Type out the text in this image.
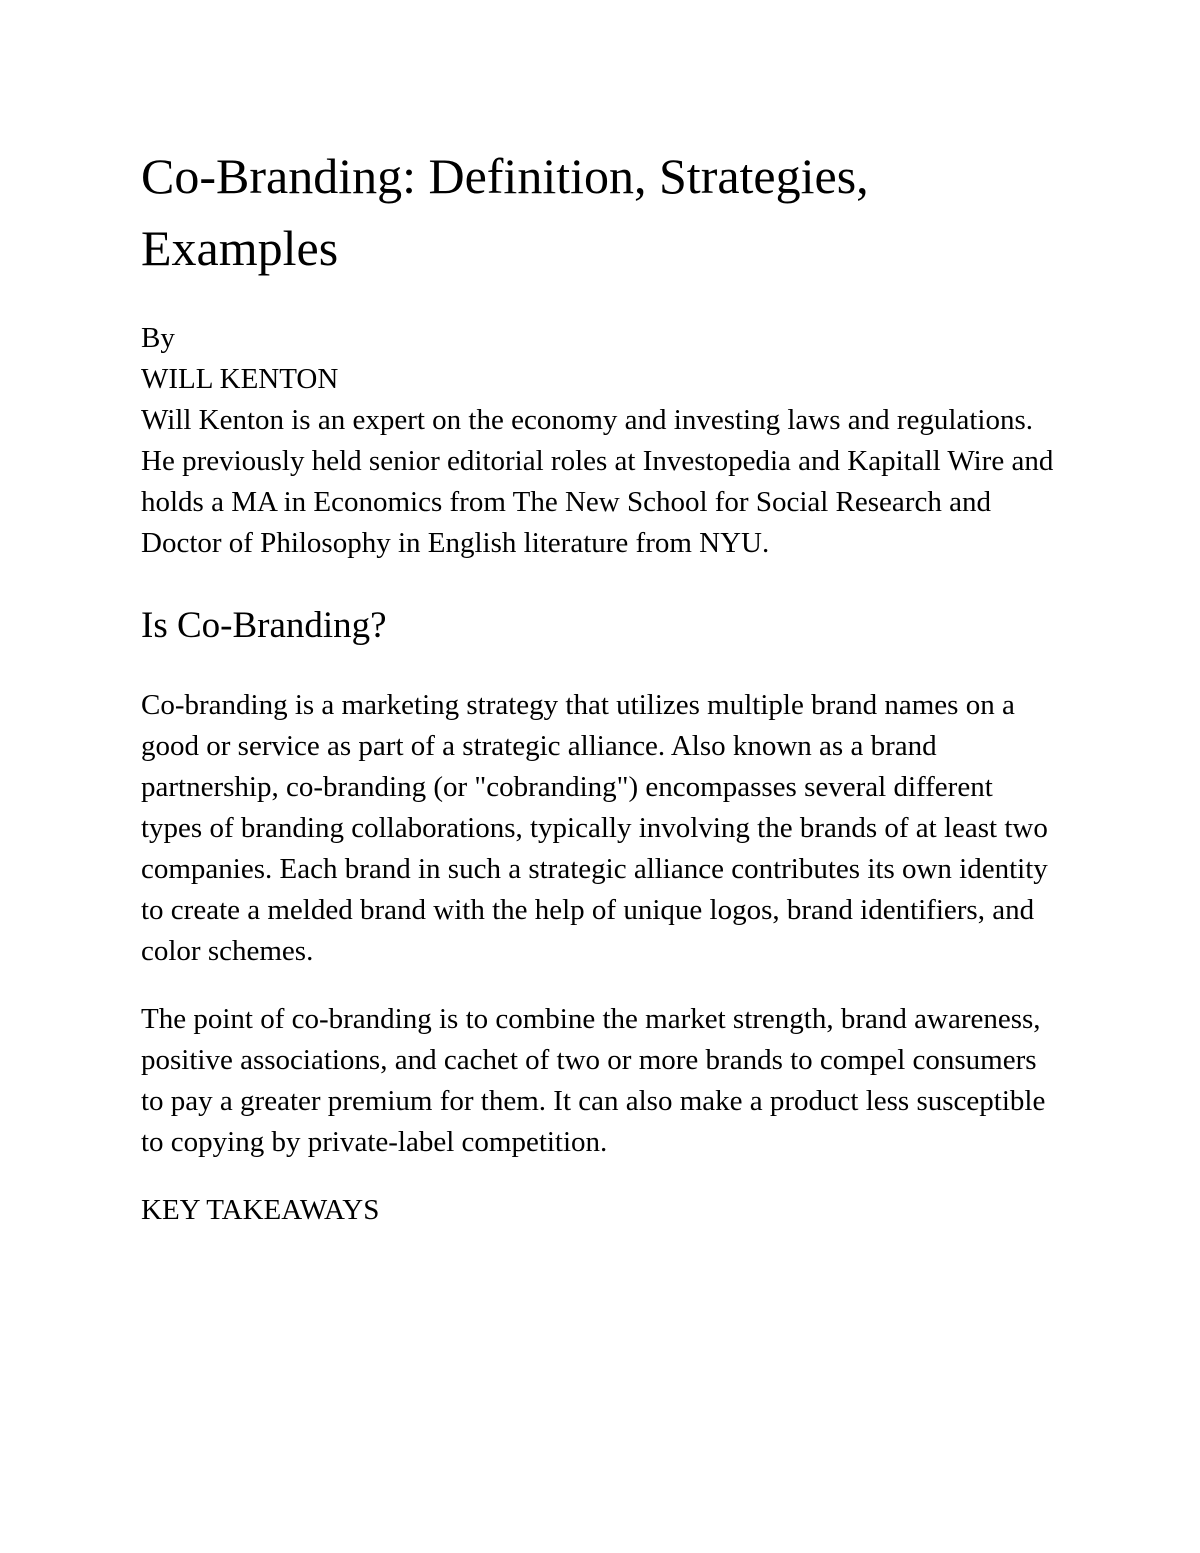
Co-Branding: Definition, Strategies, Examples
By
WILL KENTON

Will Kenton is an expert on the economy and investing laws and regulations. He previously held senior editorial roles at Investopedia and Kapitall Wire and holds a MA in Economics from The New School for Social Research and Doctor of Philosophy in English literature from NYU.

Is Co-Branding?

Co-branding is a marketing strategy that utilizes multiple brand names on a good or service as part of a strategic alliance. Also known as a brand partnership, co-branding (or "cobranding") encompasses several different types of branding collaborations, typically involving the brands of at least two companies. Each brand in such a strategic alliance contributes its own identity to create a melded brand with the help of unique logos, brand identifiers, and color schemes.

The point of co-branding is to combine the market strength, brand awareness, positive associations, and cachet of two or more brands to compel consumers to pay a greater premium for them. It can also make a product less susceptible to copying by private-label competition.

KEY TAKEAWAYS
